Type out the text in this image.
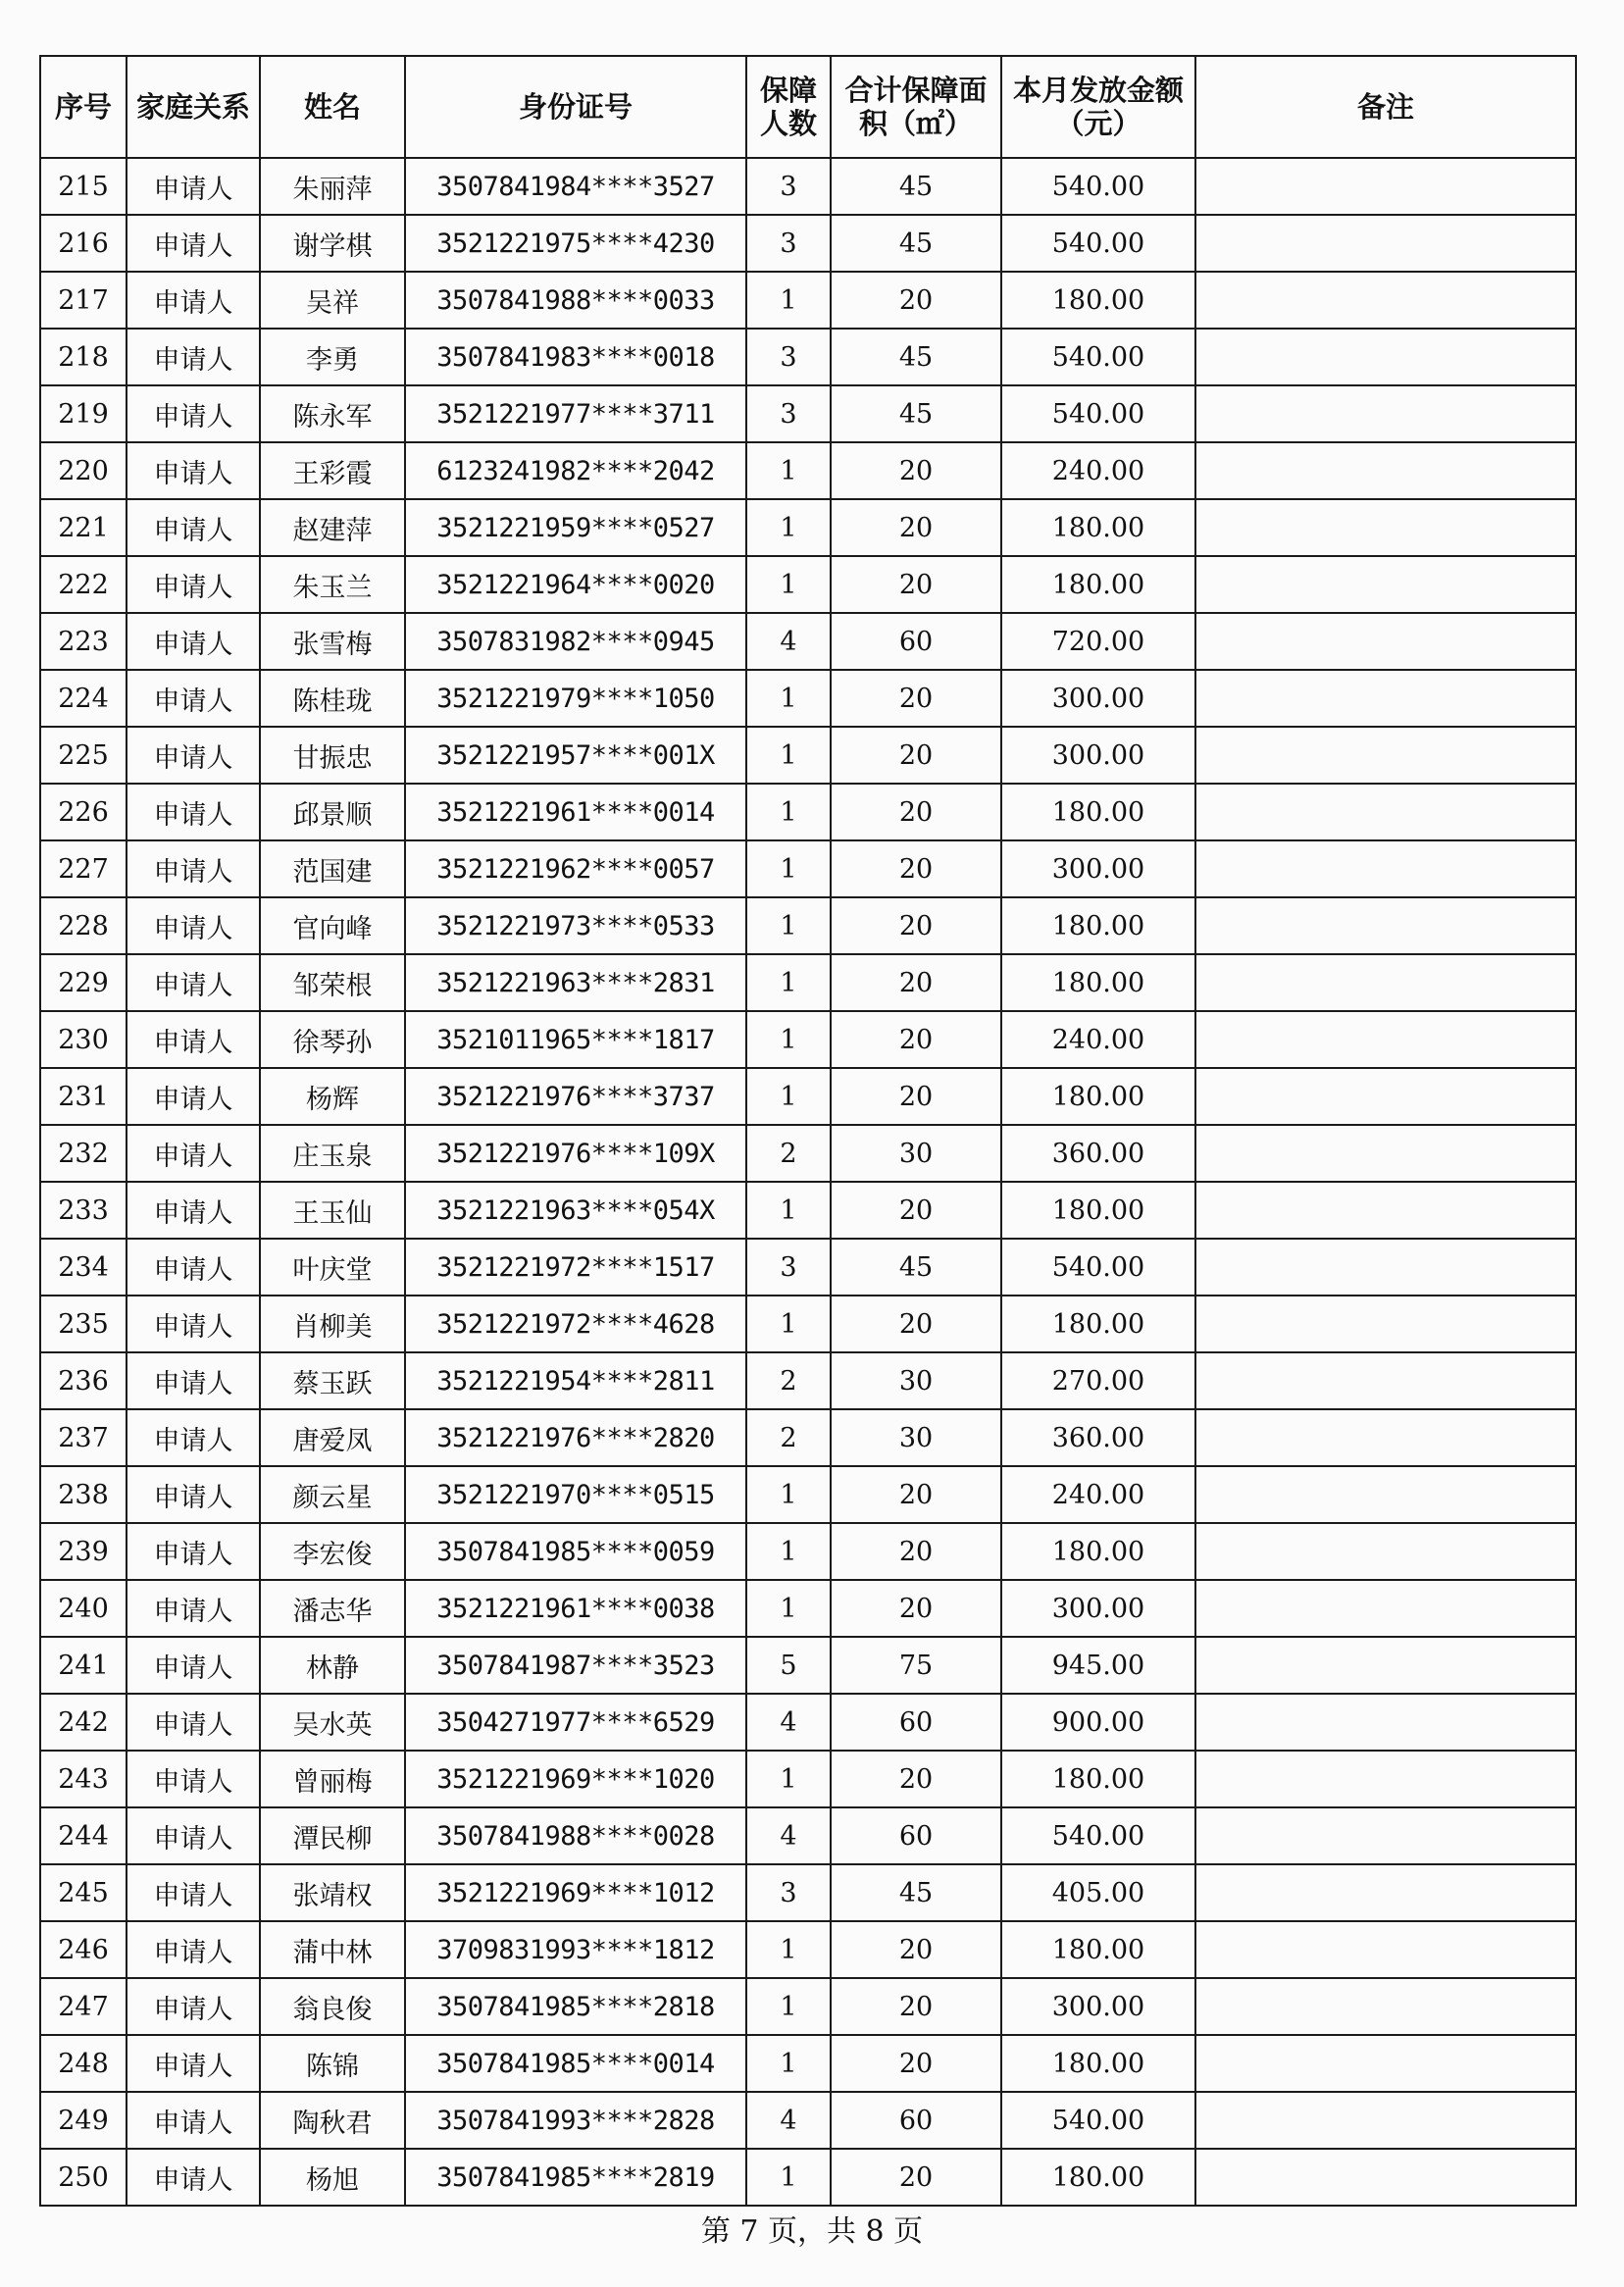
序号	家庭关系	姓名	身份证号	保障人数	合计保障面积（㎡）	本月发放金额（元）	备注
215	申请人	朱丽萍	3507841984****3527	3	45	540.00	
216	申请人	谢学棋	3521221975****4230	3	45	540.00	
217	申请人	吴祥	3507841988****0033	1	20	180.00	
218	申请人	李勇	3507841983****0018	3	45	540.00	
219	申请人	陈永军	3521221977****3711	3	45	540.00	
220	申请人	王彩霞	6123241982****2042	1	20	240.00	
221	申请人	赵建萍	3521221959****0527	1	20	180.00	
222	申请人	朱玉兰	3521221964****0020	1	20	180.00	
223	申请人	张雪梅	3507831982****0945	4	60	720.00	
224	申请人	陈桂珑	3521221979****1050	1	20	300.00	
225	申请人	甘振忠	3521221957****001X	1	20	300.00	
226	申请人	邱景顺	3521221961****0014	1	20	180.00	
227	申请人	范国建	3521221962****0057	1	20	300.00	
228	申请人	官向峰	3521221973****0533	1	20	180.00	
229	申请人	邹荣根	3521221963****2831	1	20	180.00	
230	申请人	徐琴孙	3521011965****1817	1	20	240.00	
231	申请人	杨辉	3521221976****3737	1	20	180.00	
232	申请人	庄玉泉	3521221976****109X	2	30	360.00	
233	申请人	王玉仙	3521221963****054X	1	20	180.00	
234	申请人	叶庆堂	3521221972****1517	3	45	540.00	
235	申请人	肖柳美	3521221972****4628	1	20	180.00	
236	申请人	蔡玉跃	3521221954****2811	2	30	270.00	
237	申请人	唐爱凤	3521221976****2820	2	30	360.00	
238	申请人	颜云星	3521221970****0515	1	20	240.00	
239	申请人	李宏俊	3507841985****0059	1	20	180.00	
240	申请人	潘志华	3521221961****0038	1	20	300.00	
241	申请人	林静	3507841987****3523	5	75	945.00	
242	申请人	吴水英	3504271977****6529	4	60	900.00	
243	申请人	曾丽梅	3521221969****1020	1	20	180.00	
244	申请人	潭民柳	3507841988****0028	4	60	540.00	
245	申请人	张靖权	3521221969****1012	3	45	405.00	
246	申请人	蒲中林	3709831993****1812	1	20	180.00	
247	申请人	翁良俊	3507841985****2818	1	20	300.00	
248	申请人	陈锦	3507841985****0014	1	20	180.00	
249	申请人	陶秋君	3507841993****2828	4	60	540.00	
250	申请人	杨旭	3507841985****2819	1	20	180.00	
第 7 页，共 8 页
